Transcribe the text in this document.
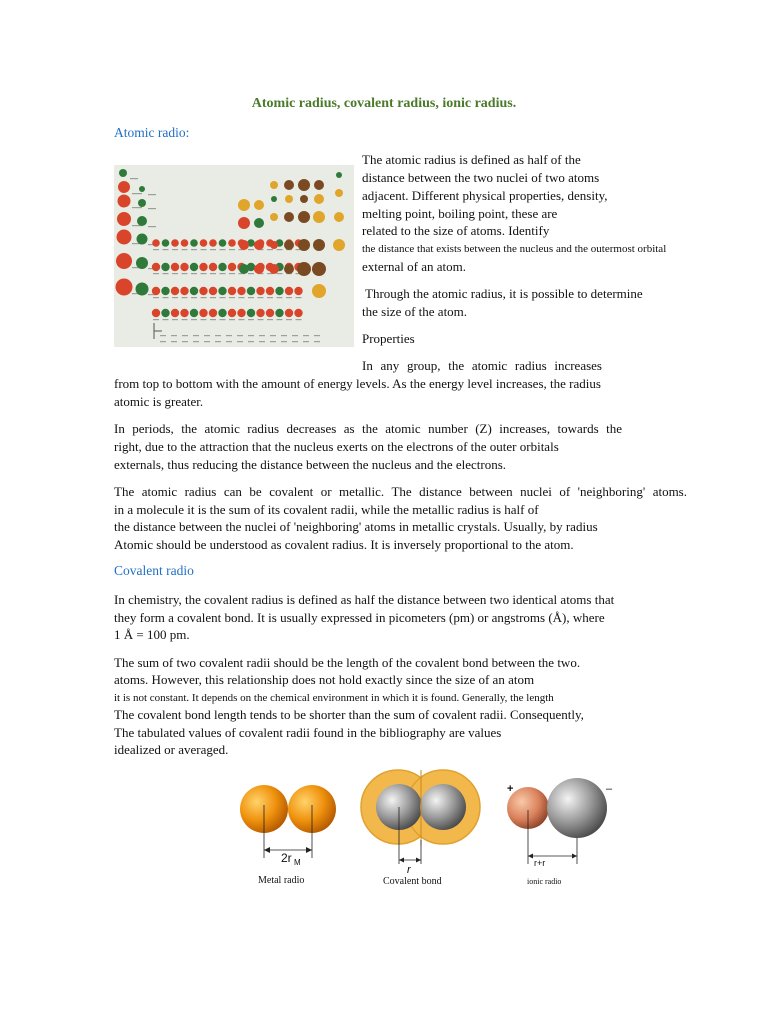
Atomic radius, covalent radius, ionic radius.
Atomic radio:
The atomic radius is defined as half of the
distance between the two nuclei of two atoms
adjacent. Different physical properties, density,
melting point, boiling point, these are
related to the size of atoms. Identify
the distance that exists between the nucleus and the outermost orbital
external of an atom.
Through the atomic radius, it is possible to determine
the size of the atom.
Properties
In any group, the atomic radius increases
from top to bottom with the amount of energy levels. As the energy level increases, the radius
atomic is greater.
In periods, the atomic radius decreases as the atomic number (Z) increases, towards the
right, due to the attraction that the nucleus exerts on the electrons of the outer orbitals
externals, thus reducing the distance between the nucleus and the electrons.
The atomic radius can be covalent or metallic. The distance between nuclei of 'neighboring' atoms.
in a molecule it is the sum of its covalent radii, while the metallic radius is half of
the distance between the nuclei of 'neighboring' atoms in metallic crystals. Usually, by radius
Atomic should be understood as covalent radius. It is inversely proportional to the atom.
Covalent radio
In chemistry, the covalent radius is defined as half the distance between two identical atoms that
they form a covalent bond. It is usually expressed in picometers (pm) or angstroms (Å), where
1 Å = 100 pm.
The sum of two covalent radii should be the length of the covalent bond between the two.
atoms. However, this relationship does not hold exactly since the size of an atom
it is not constant. It depends on the chemical environment in which it is found. Generally, the length
The covalent bond length tends to be shorter than the sum of covalent radii. Consequently,
The tabulated values of covalent radii found in the bibliography are values
idealized or averaged.
2r M
Metal radio
r
Covalent bond
+	–
r+r
ionic radio
